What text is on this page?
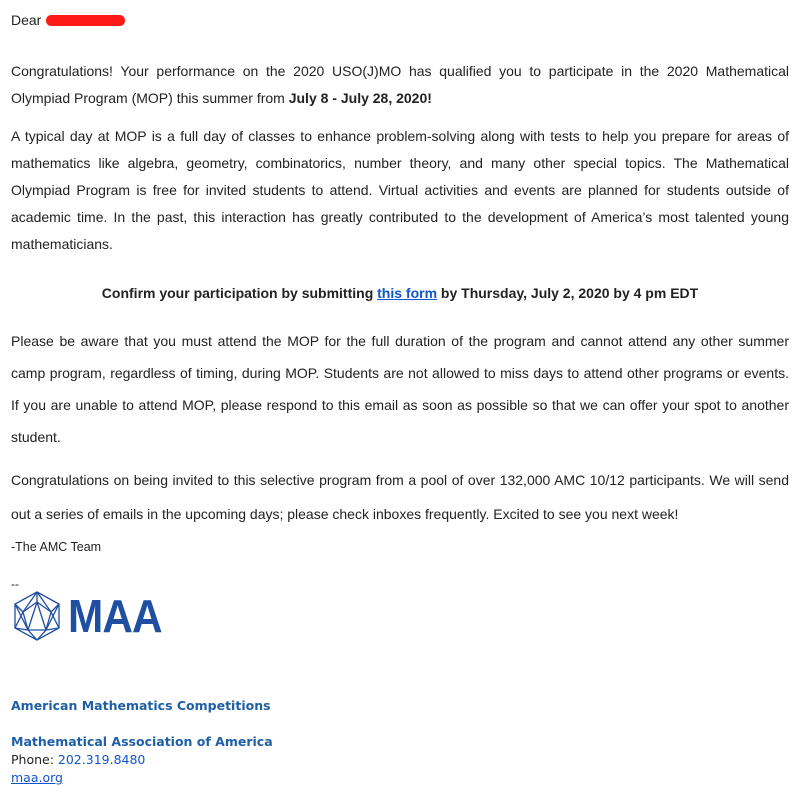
Dear
Congratulations! Your performance on the 2020 USO(J)MO has qualified you to participate in the 2020 Mathematical Olympiad Program (MOP) this summer from July 8 - July 28, 2020!
A typical day at MOP is a full day of classes to enhance problem-solving along with tests to help you prepare for areas of mathematics like algebra, geometry, combinatorics, number theory, and many other special topics. The Mathematical Olympiad Program is free for invited students to attend. Virtual activities and events are planned for students outside of academic time. In the past, this interaction has greatly contributed to the development of America’s most talented young mathematicians.
Confirm your participation by submitting this form by Thursday, July 2, 2020 by 4 pm EDT
Please be aware that you must attend the MOP for the full duration of the program and cannot attend any other summer camp program, regardless of timing, during MOP. Students are not allowed to miss days to attend other programs or events. If you are unable to attend MOP, please respond to this email as soon as possible so that we can offer your spot to another student.
Congratulations on being invited to this selective program from a pool of over 132,000 AMC 10/12 participants. We will send out a series of emails in the upcoming days; please check inboxes frequently. Excited to see you next week!
-The AMC Team
--
MAA
American Mathematics Competitions
Mathematical Association of America
Phone: 202.319.8480
maa.org
